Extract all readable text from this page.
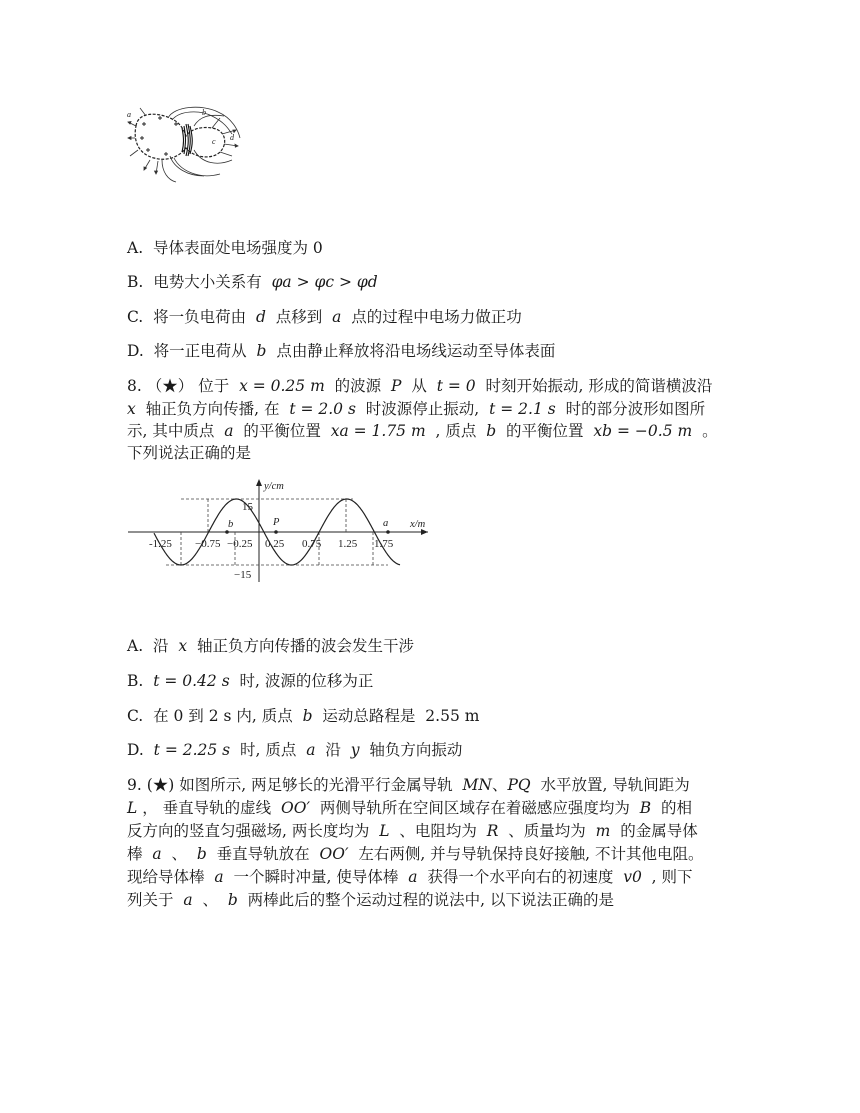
a	b
c d
A. 导体表面处电场强度为 0
B. 电势大小关系有 φa > φc > φd
C. 将一负电荷由 d 点移到 a 点的过程中电场力做正功
D. 将一正电荷从 b 点由静止释放将沿电场线运动至导体表面
8. （★） 位于 x = 0.25 m 的波源 P 从 t = 0 时刻开始振动, 形成的简谐横波沿
x 轴正负方向传播, 在 t = 2.0 s 时波源停止振动, t = 2.1 s 时的部分波形如图所
示, 其中质点 a 的平衡位置 xa = 1.75 m , 质点 b 的平衡位置 xb = −0.5 m 。
下列说法正确的是
15
−15
y/cm
x/m
-1.25 −0.75 −0.25 0.25 0.75 1.25 1.75
b	P	a
A. 沿 x 轴正负方向传播的波会发生干涉
B. t = 0.42 s 时, 波源的位移为正
C. 在 0 到 2 s 内, 质点 b 运动总路程是 2.55 m
D. t = 2.25 s 时, 质点 a 沿 y 轴负方向振动
9. (★) 如图所示, 两足够长的光滑平行金属导轨 MN、PQ 水平放置, 导轨间距为
L ， 垂直导轨的虚线 OO′ 两侧导轨所在空间区域存在着磁感应强度均为 B 的相
反方向的竖直匀强磁场, 两长度均为 L 、电阻均为 R 、质量均为 m 的金属导体
棒 a 、 b 垂直导轨放在 OO′ 左右两侧, 并与导轨保持良好接触, 不计其他电阻。
现给导体棒 a 一个瞬时冲量, 使导体棒 a 获得一个水平向右的初速度 v0 , 则下
列关于 a 、 b 两棒此后的整个运动过程的说法中, 以下说法正确的是
